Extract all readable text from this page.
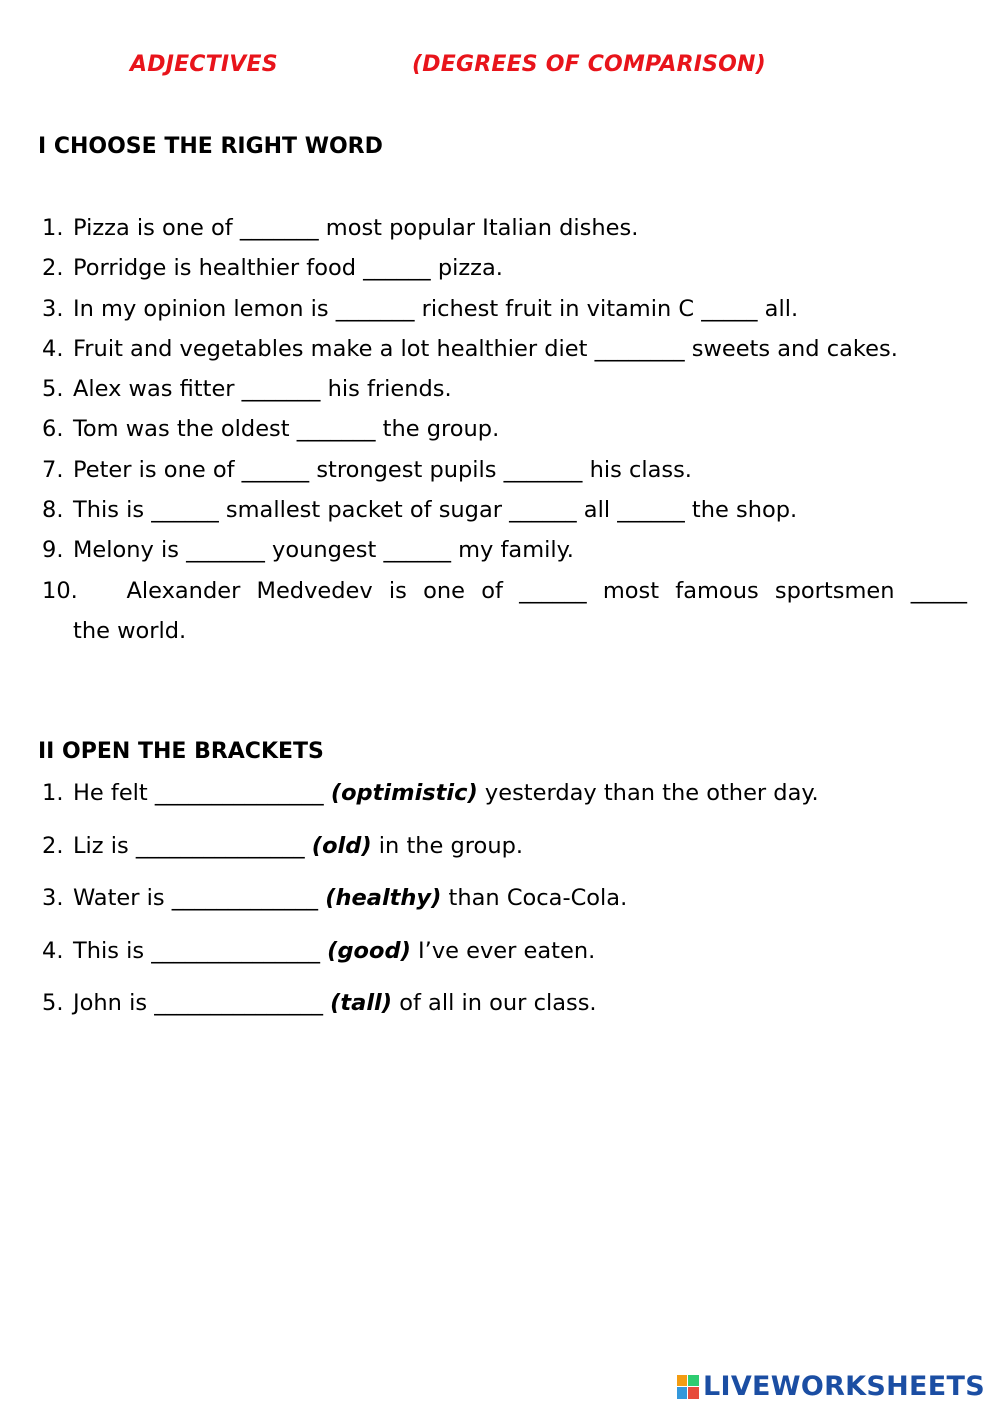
ADJECTIVES	(DEGREES OF COMPARISON)
I CHOOSE THE RIGHT WORD
1. Pizza is one of _______ most popular Italian dishes.
2. Porridge is healthier food ______ pizza.
3. In my opinion lemon is _______ richest fruit in vitamin C _____ all.
4. Fruit and vegetables make a lot healthier diet ________ sweets and cakes.
5. Alex was fitter _______ his friends.
6. Tom was the oldest _______ the group.
7. Peter is one of ______ strongest pupils _______ his class.
8. This is ______ smallest packet of sugar ______ all ______ the shop.
9. Melony is _______ youngest ______ my family.
10. Alexander Medvedev is one of ______ most famous sportsmen _____
the world.
II OPEN THE BRACKETS
1. He felt _______________ (optimistic) yesterday than the other day.
2. Liz is _______________ (old) in the group.
3. Water is _____________ (healthy) than Coca-Cola.
4. This is _______________ (good) I’ve ever eaten.
5. John is _______________ (tall) of all in our class.
LIVEWORKSHEETS
